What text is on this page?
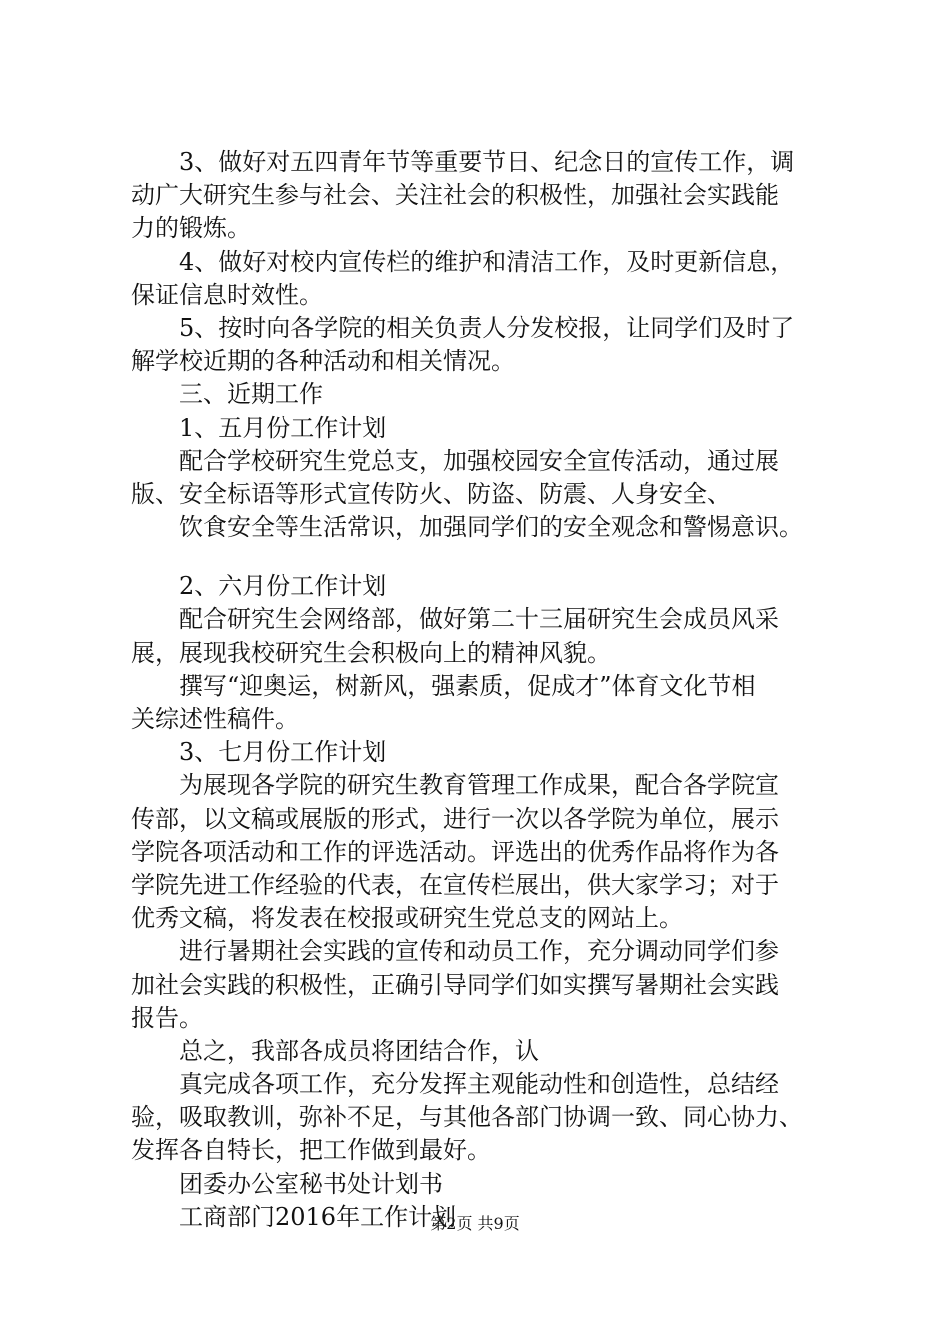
3、做好对五四青年节等重要节日、纪念日的宣传工作，调
动广大研究生参与社会、关注社会的积极性，加强社会实践能
力的锻炼。
4、做好对校内宣传栏的维护和清洁工作，及时更新信息，
保证信息时效性。
5、按时向各学院的相关负责人分发校报，让同学们及时了
解学校近期的各种活动和相关情况。
三、近期工作
1、五月份工作计划
配合学校研究生党总支，加强校园安全宣传活动，通过展
版、安全标语等形式宣传防火、防盗、防震、人身安全、
饮食安全等生活常识，加强同学们的安全观念和警惕意识。
2、六月份工作计划
配合研究生会网络部，做好第二十三届研究生会成员风采
展，展现我校研究生会积极向上的精神风貌。
撰写“迎奥运，树新风，强素质，促成才”体育文化节相
关综述性稿件。
3、七月份工作计划
为展现各学院的研究生教育管理工作成果，配合各学院宣
传部，以文稿或展版的形式，进行一次以各学院为单位，展示
学院各项活动和工作的评选活动。评选出的优秀作品将作为各
学院先进工作经验的代表，在宣传栏展出，供大家学习；对于
优秀文稿，将发表在校报或研究生党总支的网站上。
进行暑期社会实践的宣传和动员工作，充分调动同学们参
加社会实践的积极性，正确引导同学们如实撰写暑期社会实践
报告。
总之，我部各成员将团结合作，认
真完成各项工作，充分发挥主观能动性和创造性，总结经
验，吸取教训，弥补不足，与其他各部门协调一致、同心协力、
发挥各自特长，把工作做到最好。
团委办公室秘书处计划书
工商部门2016年工作计划
第2页 共9页
